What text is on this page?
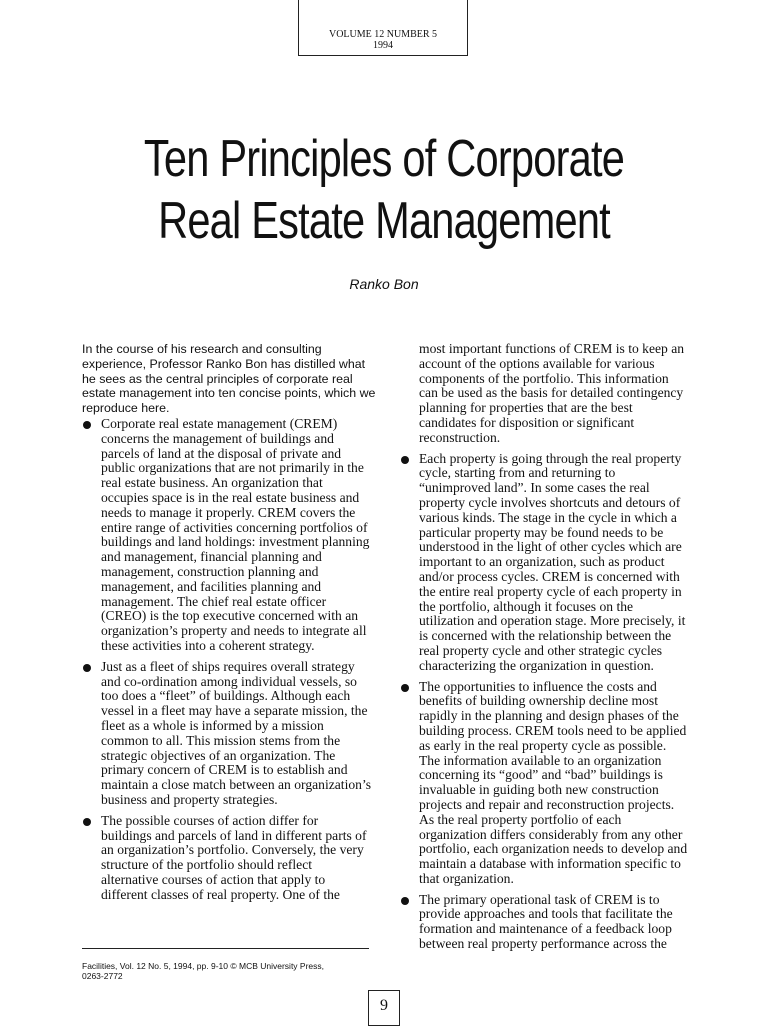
VOLUME 12 NUMBER 5
1994
Ten Principles of Corporate
Real Estate Management
Ranko Bon

In the course of his research and consulting experience, Professor Ranko Bon has distilled what he sees as the central principles of corporate real estate management into ten concise points, which we reproduce here.

Corporate real estate management (CREM) concerns the management of buildings and parcels of land at the disposal of private and public organizations that are not primarily in the real estate business. An organization that occupies space is in the real estate business and needs to manage it properly. CREM covers the entire range of activities concerning portfolios of buildings and land holdings: investment planning and management, financial planning and management, construction planning and management, and facilities planning and management. The chief real estate officer (CREO) is the top executive concerned with an organization’s property and needs to integrate all these activities into a coherent strategy.
Just as a fleet of ships requires overall strategy and co-ordination among individual vessels, so too does a “fleet” of buildings. Although each vessel in a fleet may have a separate mission, the fleet as a whole is informed by a mission common to all. This mission stems from the strategic objectives of an organization. The primary concern of CREM is to establish and maintain a close match between an organization’s business and property strategies.
The possible courses of action differ for buildings and parcels of land in different parts of an organization’s portfolio. Conversely, the very structure of the portfolio should reflect alternative courses of action that apply to different classes of real property. One of the

most important functions of CREM is to keep an account of the options available for various components of the portfolio. This information can be used as the basis for detailed contingency planning for properties that are the best candidates for disposition or significant reconstruction.

Each property is going through the real property cycle, starting from and returning to “unimproved land”. In some cases the real property cycle involves shortcuts and detours of various kinds. The stage in the cycle in which a particular property may be found needs to be understood in the light of other cycles which are important to an organization, such as product and/or process cycles. CREM is concerned with the entire real property cycle of each property in the portfolio, although it focuses on the utilization and operation stage. More precisely, it is concerned with the relationship between the real property cycle and other strategic cycles characterizing the organization in question.
The opportunities to influence the costs and benefits of building ownership decline most rapidly in the planning and design phases of the building process. CREM tools need to be applied as early in the real property cycle as possible. The information available to an organization concerning its “good” and “bad” buildings is invaluable in guiding both new construction projects and repair and reconstruction projects. As the real property portfolio of each organization differs considerably from any other portfolio, each organization needs to develop and maintain a database with information specific to that organization.
The primary operational task of CREM is to provide approaches and tools that facilitate the formation and maintenance of a feedback loop between real property performance across the
Facilities, Vol. 12 No. 5, 1994, pp. 9-10 © MCB University Press,
0263-2772
9
